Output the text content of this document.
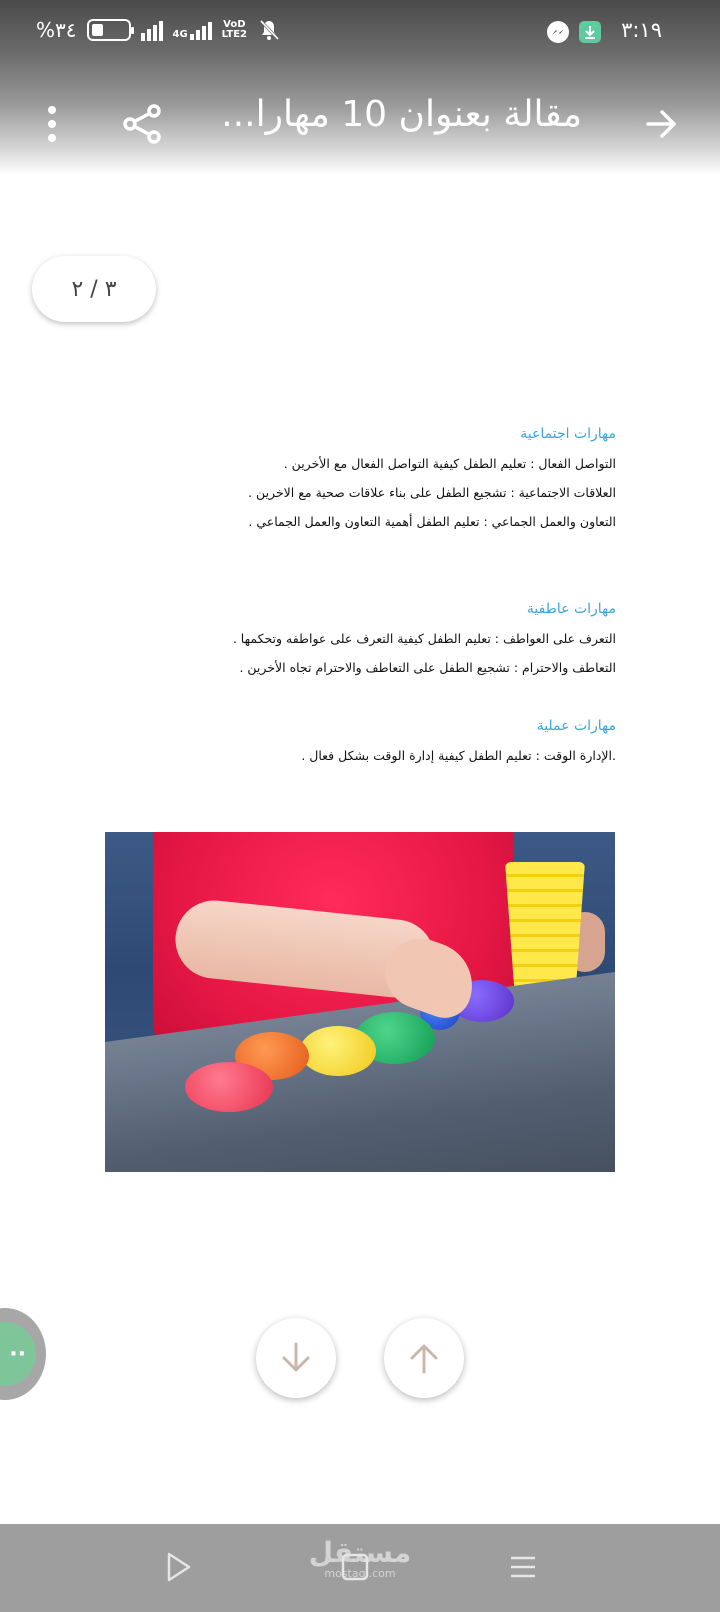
%٣٤	4G
VoD
LTE2	٣:١٩
مقالة بعنوان 10 مهارا...
٣ / ٢
مهارات اجتماعية
التواصل الفعال : تعليم الطفل كيفية التواصل الفعال مع الأخرين .
العلاقات الاجتماعية : تشجيع الطفل على بناء علاقات صحية مع الاخرين .
التعاون والعمل الجماعي : تعليم الطفل أهمية التعاون والعمل الجماعي .
مهارات عاطفية
التعرف على العواطف : تعليم الطفل كيفية التعرف على عواطفه وتحكمها .
التعاطف والاحترام : تشجيع الطفل على التعاطف والاحترام تجاه الأخرين .
مهارات عملية
.الإدارة الوقت : تعليم الطفل كيفية إدارة الوقت بشكل فعال .
··
مستقل
mostaql.com
